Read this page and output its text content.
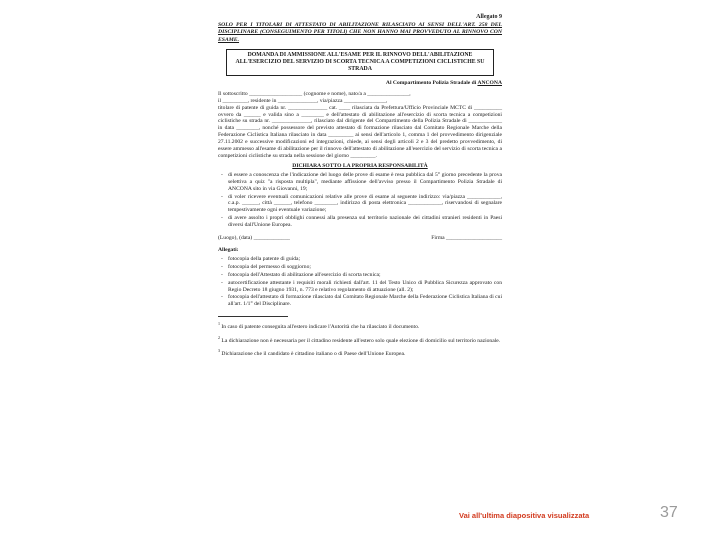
Allegato 9
SOLO PER I TITOLARI DI ATTESTATO DI ABILITAZIONE RILASCIATO AI SENSI DELL'ART. 258 DEL DISCIPLINARE (CONSEGUIMENTO PER TITOLI) CHE NON HANNO MAI PROVVEDUTO AL RINNOVO CON ESAME.
DOMANDA DI AMMISSIONE ALL'ESAME PER IL RINNOVO DELL'ABILITAZIONE ALL'ESERCIZIO DEL SERVIZIO DI SCORTA TECNICA A COMPETIZIONI CICLISTICHE SU STRADA
Al Compartimento Polizia Stradale di ANCONA

Il sottoscritto ___________________ (cognome e nome), nato/a a _______________,

il _________, residente in ______________, via/piazza _______________,

titolare di patente di guida nr. ______________ cat. ____ rilasciata da Prefettura/Ufficio Provinciale MCTC di __________ ovvero da ______ e valida sino a ________ e dell'attestato di abilitazione all'esercizio di scorta tecnica a competizioni ciclistiche su strada nr. ______________, rilasciato dal dirigente del Compartimento della Polizia Stradale di ____________ in data ________, nonché possessore del previsto attestato di formazione rilasciato dal Comitato Regionale Marche della Federazione Ciclistica Italiana rilasciato in data _________ ai sensi dell'articolo 1, comma 1 del provvedimento dirigenziale 27.11.2002 e successive modificazioni ed integrazioni, chiede, ai sensi degli articoli 2 e 3 del predetto provvedimento, di essere ammesso all'esame di abilitazione per il rinnovo dell'attestato di abilitazione all'esercizio del servizio di scorta tecnica a competizioni ciclistiche su strada nella sessione del giorno _________.

DICHIARA SOTTO LA PROPRIA RESPONSABILITÀ
- di essere a conoscenza che l'indicazione del luogo delle prove di esame è resa pubblica dal 5° giorno precedente la prova selettiva a quiz "a risposta multipla", mediante affissione dell'avviso presso il Compartimento Polizia Stradale di ANCONA sito in via Giovanni, 19;
- di voler ricevere eventuali comunicazioni relative alle prove di esame al seguente indirizzo: via/piazza ____________, c.a.p. ______, città ______, telefono ________, indirizzo di posta elettronica ____________, riservandosi di segnalare tempestivamente ogni eventuale variazione;
- di avere assolto i propri obblighi connessi alla presenza sul territorio nazionale dei cittadini stranieri residenti in Paesi diversi dall'Unione Europea.
(Luogo), (data) _____________	Firma ____________________
Allegati:
- fotocopia della patente di guida;
- fotocopia del permesso di soggiorno;
- fotocopia dell'Attestato di abilitazione all'esercizio di scorta tecnica;
- autocertificazione attestante i requisiti morali richiesti dall'art. 11 del Testo Unico di Pubblica Sicurezza approvato con Regio Decreto 18 giugno 1931, n. 773 e relativo regolamento di attuazione (all. 2);
- fotocopia dell'attestato di formazione rilasciato dal Comitato Regionale Marche della Federazione Ciclistica Italiana di cui all'art. 1/1° del Disciplinare.
$^1$ In caso di patente conseguita all'estero indicare l'Autorità che ha rilasciato il documento.
$^2$ La dichiarazione non è necessaria per il cittadino residente all'estero solo quale elezione di domicilio sul territorio nazionale.
$^3$ Dichiarazione che il candidato è cittadino italiano o di Paese dell'Unione Europea.
Vai all'ultima diapositiva visualizzata	37
